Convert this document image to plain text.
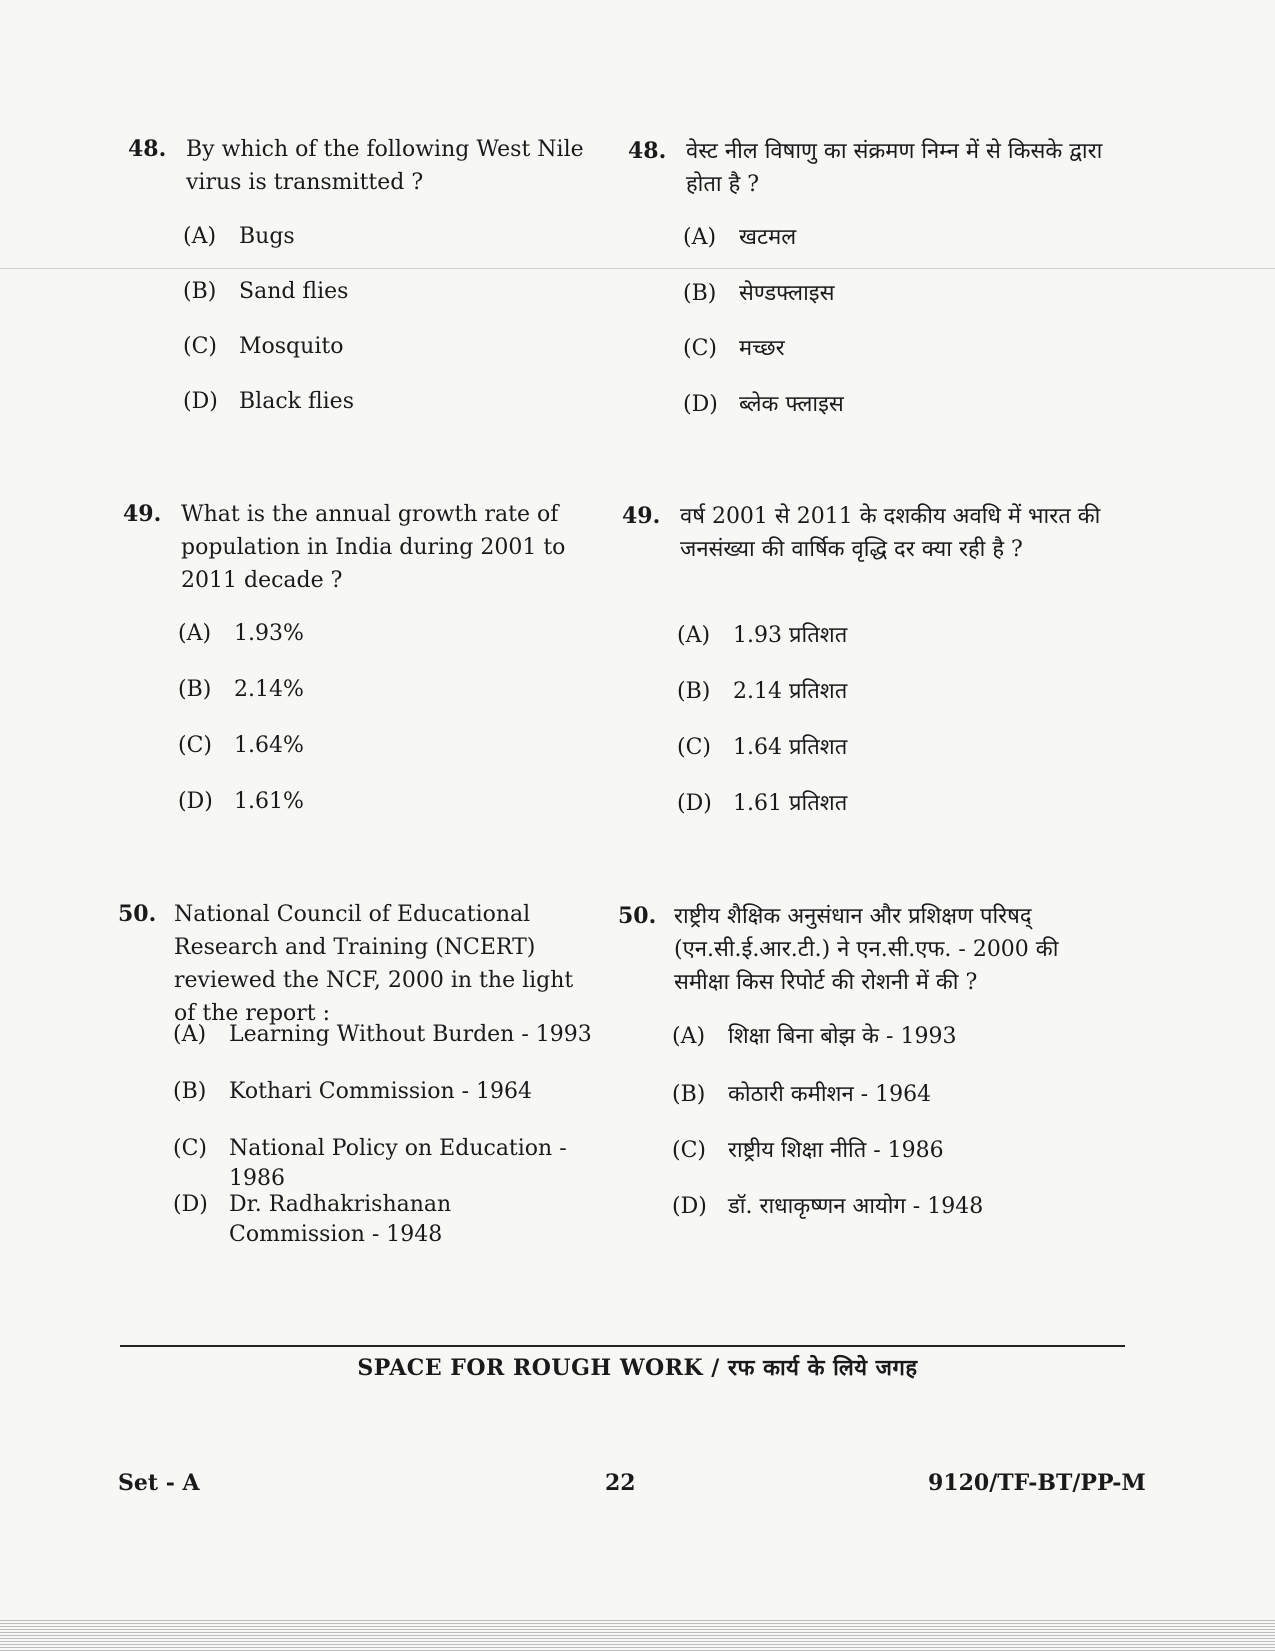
48. By which of the following West Nile virus is transmitted ?
(A) Bugs
(B) Sand flies
(C) Mosquito
(D) Black flies
48. वेस्ट नील विषाणु का संक्रमण निम्न में से किसके द्वारा होता है ?
(A) खटमल
(B) सेण्डफ्लाइस
(C) मच्छर
(D) ब्लेक फ्लाइस
49. What is the annual growth rate of population in India during 2001 to 2011 decade ?
(A) 1.93%
(B) 2.14%
(C) 1.64%
(D) 1.61%
49. वर्ष 2001 से 2011 के दशकीय अवधि में भारत की जनसंख्या की वार्षिक वृद्धि दर क्या रही है ?
(A) 1.93 प्रतिशत
(B) 2.14 प्रतिशत
(C) 1.64 प्रतिशत
(D) 1.61 प्रतिशत
50. National Council of Educational Research and Training (NCERT) reviewed the NCF, 2000 in the light of the report :
(A) Learning Without Burden - 1993
(B) Kothari Commission - 1964
(C) National Policy on Education - 1986
(D) Dr. Radhakrishanan Commission - 1948
50. राष्ट्रीय शैक्षिक अनुसंधान और प्रशिक्षण परिषद् (एन.सी.ई.आर.टी.) ने एन.सी.एफ. - 2000 की समीक्षा किस रिपोर्ट की रोशनी में की ?
(A) शिक्षा बिना बोझ के - 1993
(B) कोठारी कमीशन - 1964
(C) राष्ट्रीय शिक्षा नीति - 1986
(D) डॉ. राधाकृष्णन आयोग - 1948
SPACE FOR ROUGH WORK / रफ कार्य के लिये जगह
Set - A	22	9120/TF-BT/PP-M
